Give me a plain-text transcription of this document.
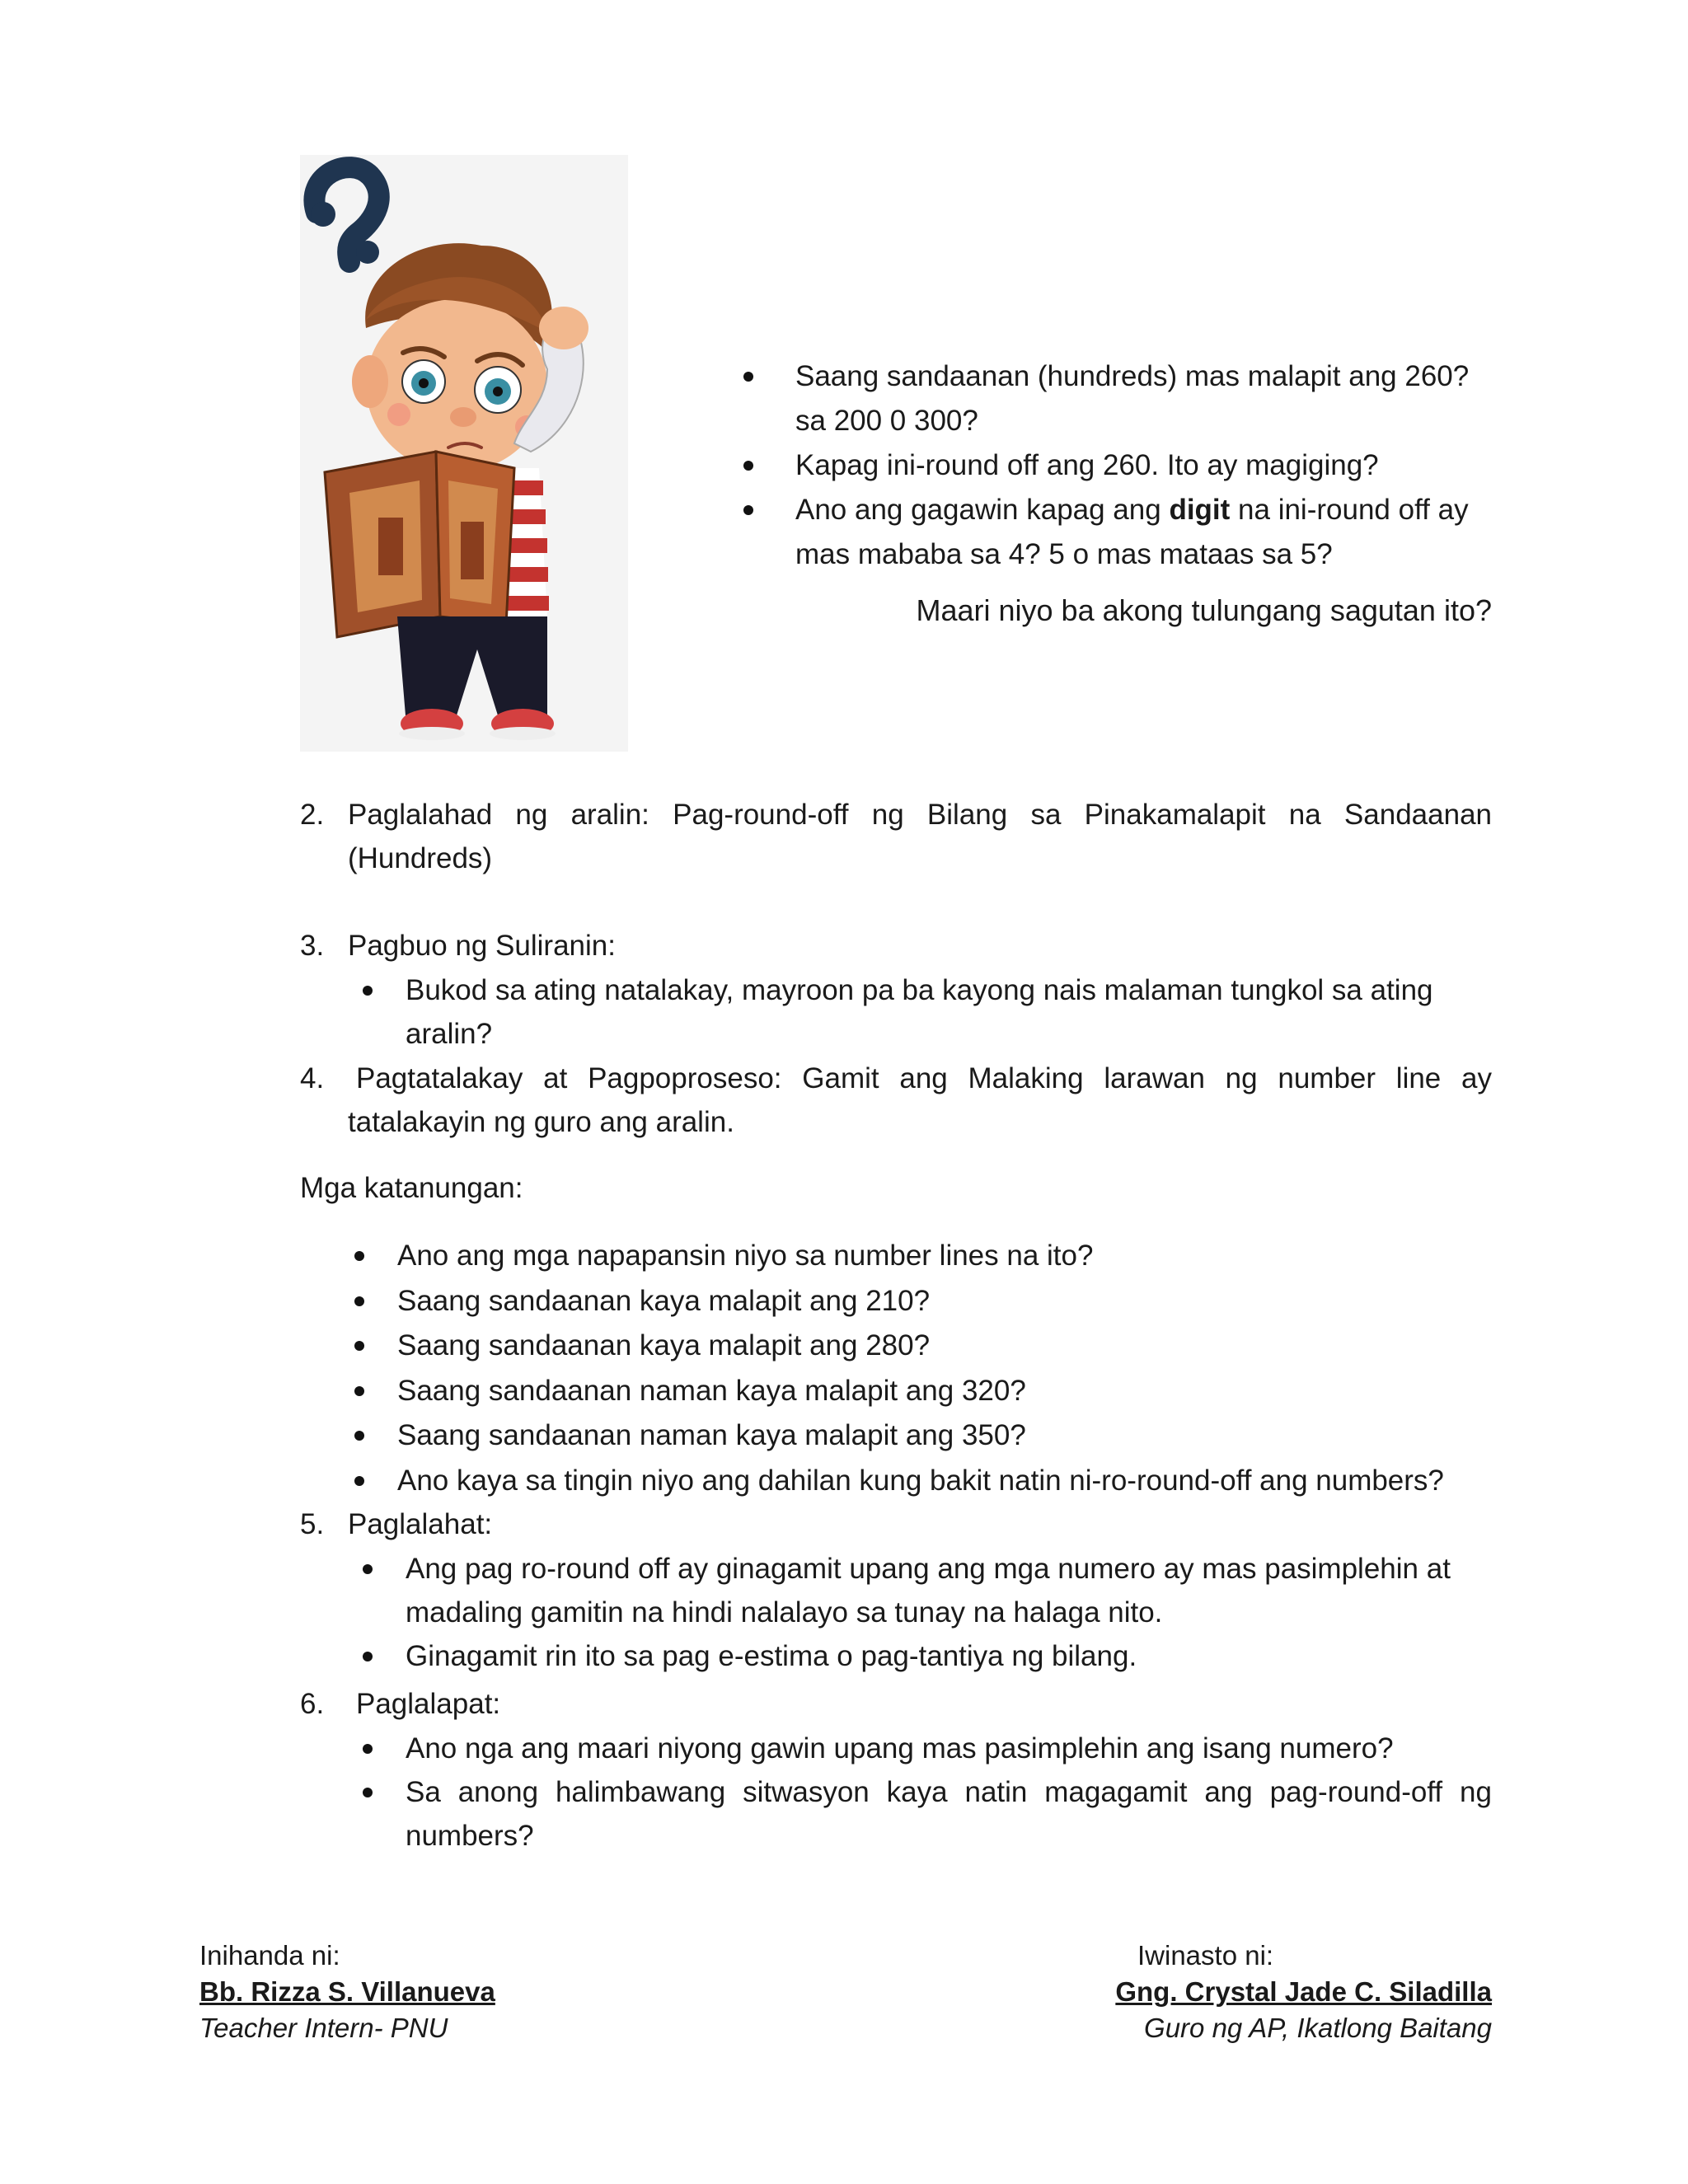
Saang sandaanan (hundreds) mas malapit ang 260? sa 200 0 300?
Kapag ini-round off ang 260. Ito ay magiging?
Ano ang gagawin kapag ang digit na ini-round off ay mas mababa sa 4? 5 o mas mataas sa 5?
Maari niyo ba akong tulungang sagutan ito?
2. Paglalahad ng aralin: Pag-round-off ng Bilang sa Pinakamalapit na Sandaanan (Hundreds)
3. Pagbuo ng Suliranin:
Bukod sa ating natalakay, mayroon pa ba kayong nais malaman tungkol sa ating aralin?
4. Pagtatalakay at Pagpoproseso: Gamit ang Malaking larawan ng number line ay tatalakayin ng guro ang aralin.
Mga katanungan:
Ano ang mga napapansin niyo sa number lines na ito?
Saang sandaanan kaya malapit ang 210?
Saang sandaanan kaya malapit ang 280?
Saang sandaanan naman kaya malapit ang 320?
Saang sandaanan naman kaya malapit ang 350?
Ano kaya sa tingin niyo ang dahilan kung bakit natin ni-ro-round-off ang numbers?
5. Paglalahat:
Ang pag ro-round off ay ginagamit upang ang mga numero ay mas pasimplehin at madaling gamitin na hindi nalalayo sa tunay na halaga nito.
Ginagamit rin ito sa pag e-estima o pag-tantiya ng bilang.
6. Paglalapat:
Ano nga ang maari niyong gawin upang mas pasimplehin ang isang numero?
Sa anong halimbawang sitwasyon kaya natin magagamit ang pag-round-off ng numbers?
Inihanda ni:
Bb. Rizza S. Villanueva
Teacher Intern- PNU
Iwinasto ni:
Gng. Crystal Jade C. Siladilla
Guro ng AP, Ikatlong Baitang
